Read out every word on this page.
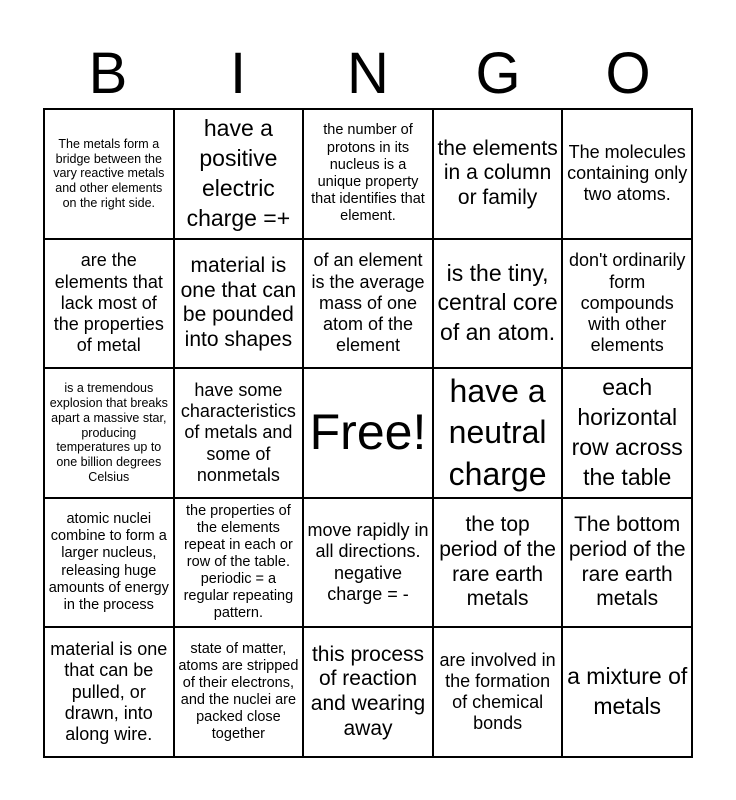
B	I	N	G	O
The metals form a bridge between the vary reactive metals and other elements on the right side.
have a positive electric charge =+
the number of protons in its nucleus is a unique property that identifies that element.
the elements in a column or family
The molecules containing only two atoms.
are the elements that lack most of the properties of metal
material is one that can be pounded into shapes
of an element is the average mass of one atom of the element
is the tiny, central core of an atom.
don't ordinarily form compounds with other elements
is a tremendous explosion that breaks apart a massive star, producing temperatures up to one billion degrees Celsius
have some characteristics of metals and some of nonmetals
Free!
have a neutral charge
each horizontal row across the table
atomic nuclei combine to form a larger nucleus, releasing huge amounts of energy in the process
the properties of the elements repeat in each or row of the table. periodic = a regular repeating pattern.
move rapidly in all directions. negative charge = -
the top period of the rare earth metals
The bottom period of the rare earth metals
material is one that can be pulled, or drawn, into along wire.
state of matter, atoms are stripped of their electrons, and the nuclei are packed close together
this process of reaction and wearing away
are involved in the formation of chemical bonds
a mixture of metals
